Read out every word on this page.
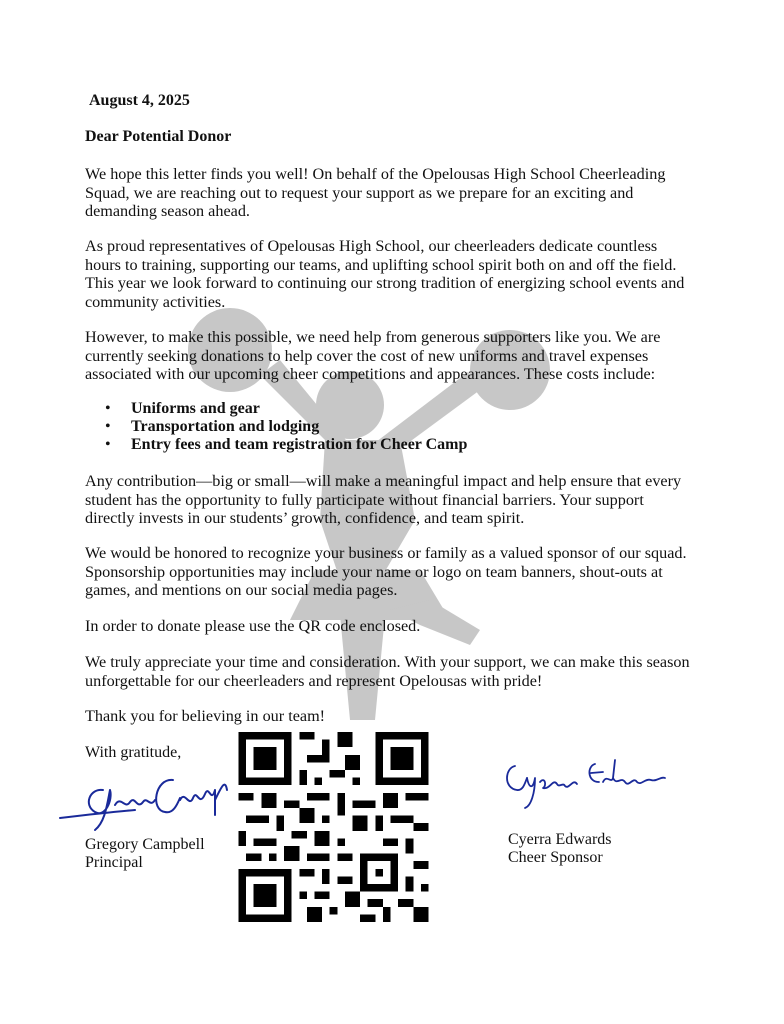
August 4, 2025
Dear Potential Donor
We hope this letter finds you well! On behalf of the Opelousas High School Cheerleading Squad, we are reaching out to request your support as we prepare for an exciting and demanding season ahead.
As proud representatives of Opelousas High School, our cheerleaders dedicate countless hours to training, supporting our teams, and uplifting school spirit both on and off the field. This year we look forward to continuing our strong tradition of energizing school events and community activities.
However, to make this possible, we need help from generous supporters like you. We are currently seeking donations to help cover the cost of new uniforms and travel expenses associated with our upcoming cheer competitions and appearances. These costs include:
• Uniforms and gear
• Transportation and lodging
• Entry fees and team registration for Cheer Camp
Any contribution—big or small—will make a meaningful impact and help ensure that every student has the opportunity to fully participate without financial barriers. Your support directly invests in our students’ growth, confidence, and team spirit.
We would be honored to recognize your business or family as a valued sponsor of our squad. Sponsorship opportunities may include your name or logo on team banners, shout-outs at games, and mentions on our social media pages.
In order to donate please use the QR code enclosed.
We truly appreciate your time and consideration. With your support, we can make this season unforgettable for our cheerleaders and represent Opelousas with pride!
Thank you for believing in our team!
With gratitude,
Gregory Campbell
Principal
Cyerra Edwards
Cheer Sponsor
